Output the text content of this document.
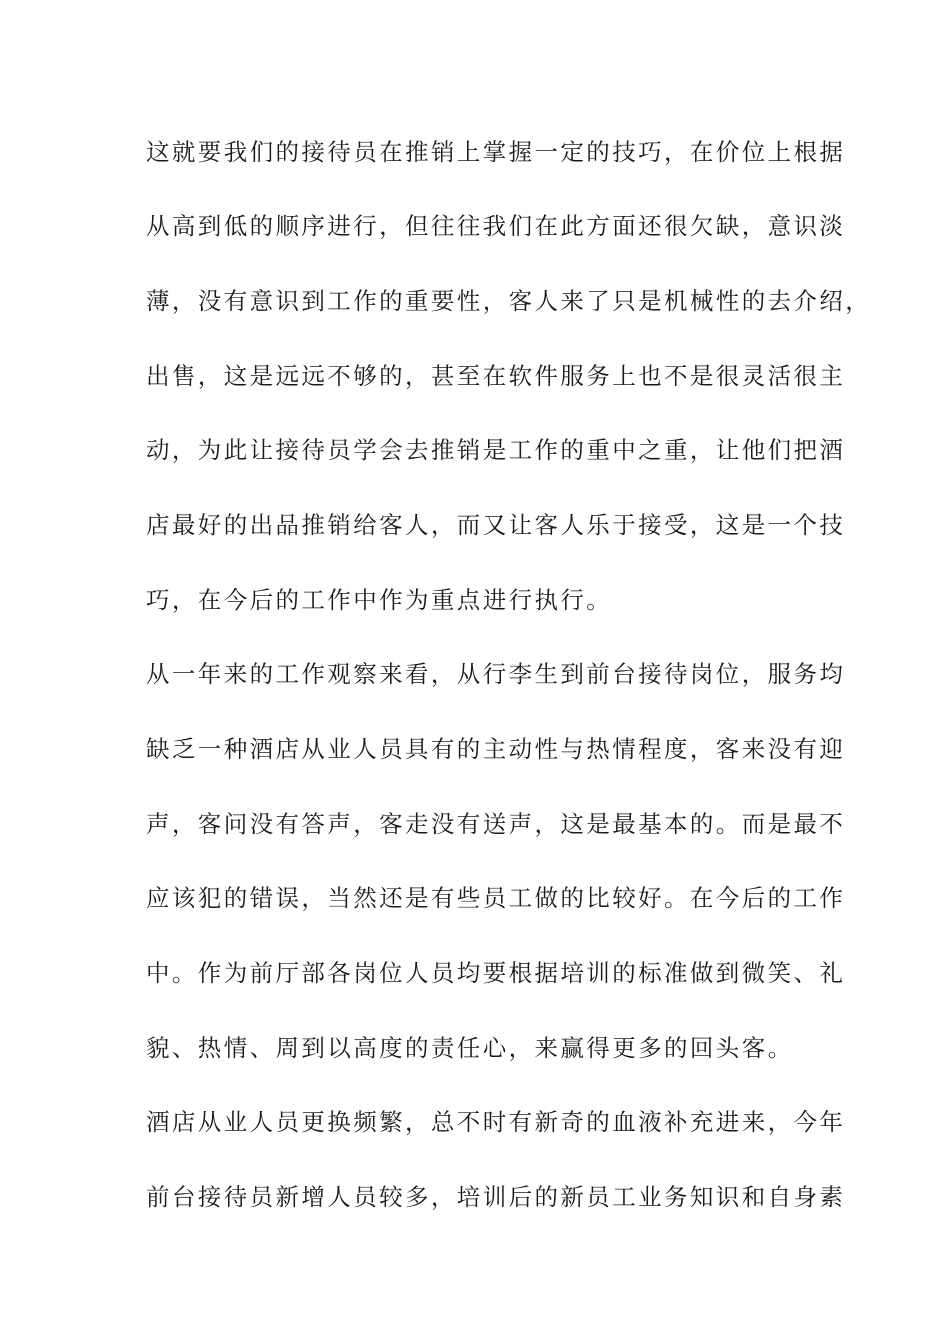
这就要我们的接待员在推销上掌握一定的技巧，在价位上根据
从高到低的顺序进行，但往往我们在此方面还很欠缺，意识淡
薄，没有意识到工作的重要性，客人来了只是机械性的去介绍，
出售，这是远远不够的，甚至在软件服务上也不是很灵活很主
动，为此让接待员学会去推销是工作的重中之重，让他们把酒
店最好的出品推销给客人，而又让客人乐于接受，这是一个技
巧，在今后的工作中作为重点进行执行。
从一年来的工作观察来看，从行李生到前台接待岗位，服务均
缺乏一种酒店从业人员具有的主动性与热情程度，客来没有迎
声，客问没有答声，客走没有送声，这是最基本的。而是最不
应该犯的错误，当然还是有些员工做的比较好。在今后的工作
中。作为前厅部各岗位人员均要根据培训的标准做到微笑、礼
貌、热情、周到以高度的责任心，来赢得更多的回头客。
酒店从业人员更换频繁，总不时有新奇的血液补充进来，今年
前台接待员新增人员较多，培训后的新员工业务知识和自身素
